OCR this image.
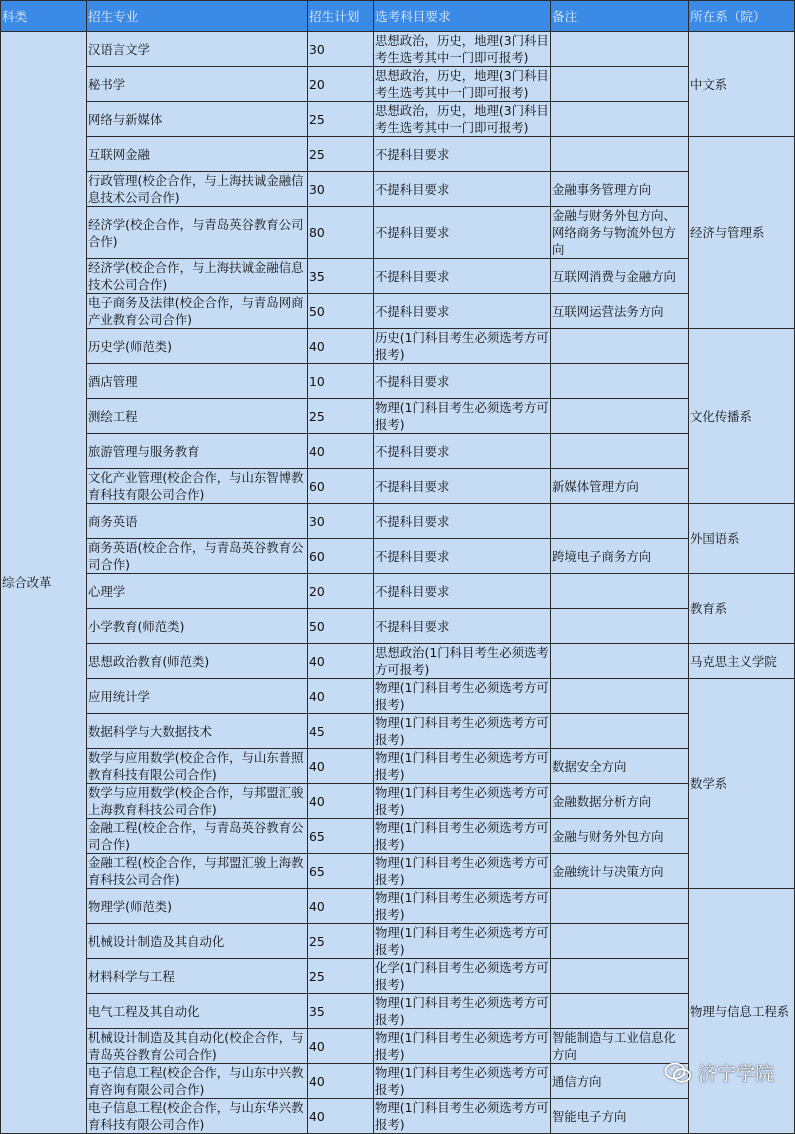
科类	招生专业	招生计划	选考科目要求	备注	所在系（院）
综合改革	汉语言文学	30	思想政治，历史，地理(3门科目考生选考其中一门即可报考)		中文系
	秘书学	20	思想政治，历史，地理(3门科目考生选考其中一门即可报考)		
	网络与新媒体	25	思想政治，历史，地理(3门科目考生选考其中一门即可报考)		
	互联网金融	25	不提科目要求		经济与管理系
	行政管理(校企合作，与上海扶诚金融信息技术公司合作)	30	不提科目要求	金融事务管理方向	
	经济学(校企合作，与青岛英谷教育公司合作)	80	不提科目要求	金融与财务外包方向、网络商务与物流外包方向	
	经济学(校企合作，与上海扶诚金融信息技术公司合作)	35	不提科目要求	互联网消费与金融方向	
	电子商务及法律(校企合作，与青岛网商产业教育公司合作)	50	不提科目要求	互联网运营法务方向	
	历史学(师范类)	40	历史(1门科目考生必须选考方可报考)		文化传播系
	酒店管理	10	不提科目要求		
	测绘工程	25	物理(1门科目考生必须选考方可报考)		
	旅游管理与服务教育	40	不提科目要求		
	文化产业管理(校企合作，与山东智博教育科技有限公司合作)	60	不提科目要求	新媒体管理方向	
	商务英语	30	不提科目要求		外国语系
	商务英语(校企合作，与青岛英谷教育公司合作)	60	不提科目要求	跨境电子商务方向	
	心理学	20	不提科目要求		教育系
	小学教育(师范类)	50	不提科目要求		
	思想政治教育(师范类)	40	思想政治(1门科目考生必须选考方可报考)		马克思主义学院
	应用统计学	40	物理(1门科目考生必须选考方可报考)		数学系
	数据科学与大数据技术	45	物理(1门科目考生必须选考方可报考)		
	数学与应用数学(校企合作，与山东普照教育科技有限公司合作)	40	物理(1门科目考生必须选考方可报考)	数据安全方向	
	数学与应用数学(校企合作，与邦盟汇骏上海教育科技公司合作)	40	物理(1门科目考生必须选考方可报考)	金融数据分析方向	
	金融工程(校企合作，与青岛英谷教育公司合作)	65	物理(1门科目考生必须选考方可报考)	金融与财务外包方向	
	金融工程(校企合作，与邦盟汇骏上海教育科技公司合作)	65	物理(1门科目考生必须选考方可报考)	金融统计与决策方向	
	物理学(师范类)	40	物理(1门科目考生必须选考方可报考)		物理与信息工程系
	机械设计制造及其自动化	25	物理(1门科目考生必须选考方可报考)		
	材料科学与工程	25	化学(1门科目考生必须选考方可报考)		
	电气工程及其自动化	35	物理(1门科目考生必须选考方可报考)		
	机械设计制造及其自动化(校企合作，与青岛英谷教育公司合作)	40	物理(1门科目考生必须选考方可报考)	智能制造与工业信息化方向	
	电子信息工程(校企合作，与山东中兴教育咨询有限公司合作)	40	物理(1门科目考生必须选考方可报考)	通信方向	
	电子信息工程(校企合作，与山东华兴教育科技有限公司合作)	40	物理(1门科目考生必须选考方可报考)	智能电子方向	
济宁学院
